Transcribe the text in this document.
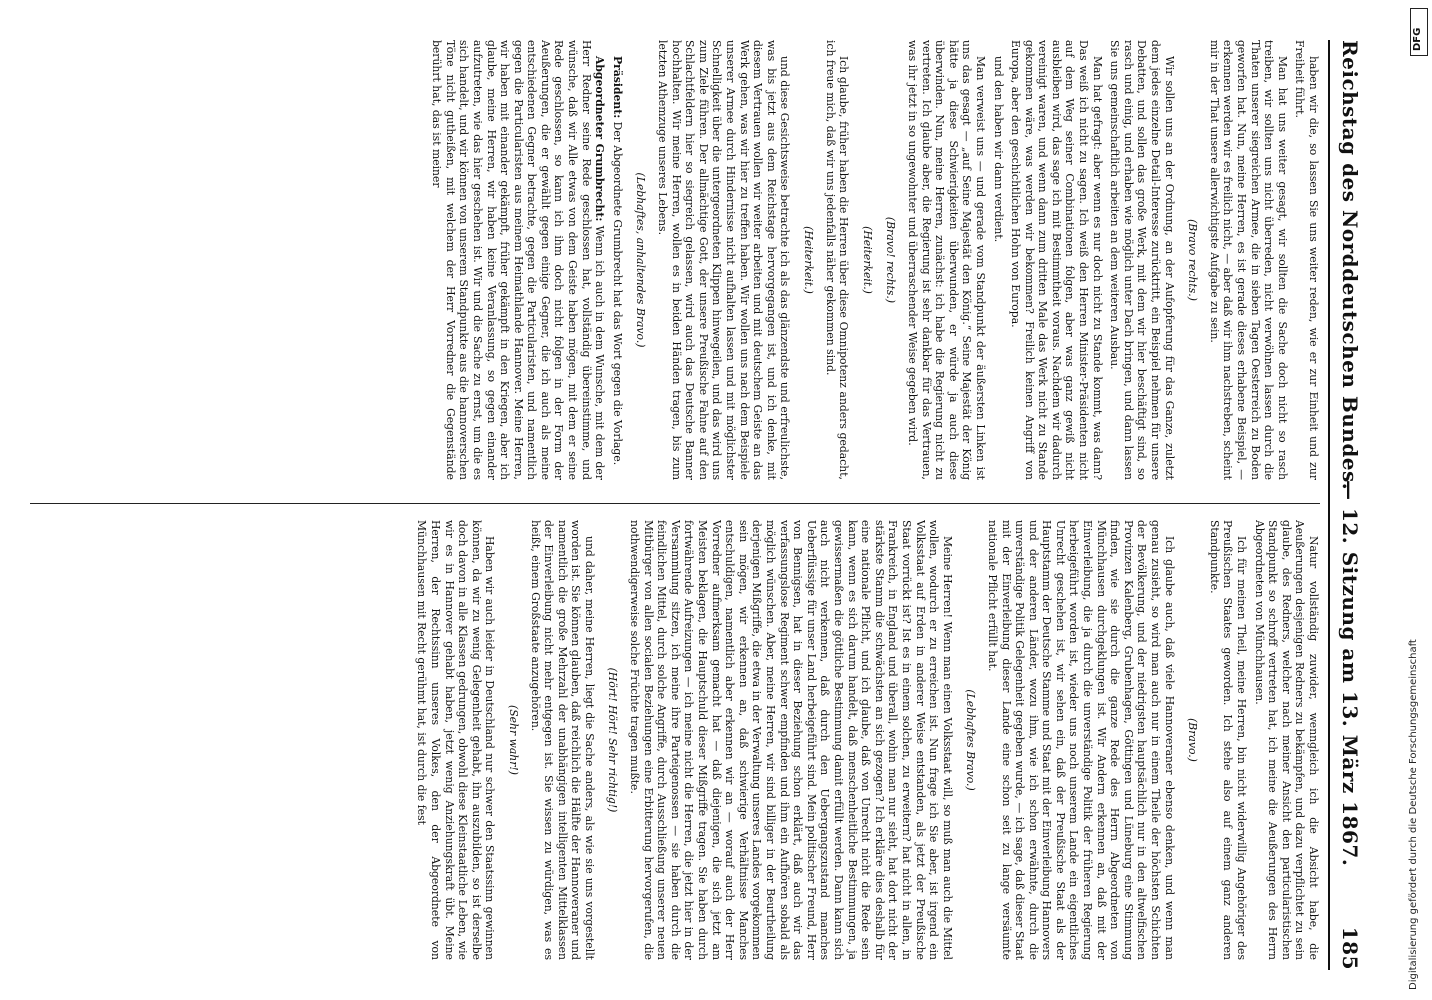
Reichstag des Norddeutschen Bundes.
— 12. Sitzung am 13. März 1867.
185

haben wir die, so lassen Sie uns weiter reden, wie er zur Einheit und zur Freiheit führt.

Man hat uns weiter gesagt, wir sollten die Sache doch nicht so rasch treiben, wir sollten uns nicht überreden, nicht verwöhnen lassen durch die Thaten unserer siegreichen Armee, die in sieben Tagen Oesterreich zu Boden geworfen hat. Nun, meine Herren, es ist gerade dieses erhabene Beispiel, — erkennen werden wir es freilich nicht, — aber daß wir ihm nachstreben, scheint mir in der That unsere allerwichtigste Aufgabe zu sein.

(Bravo rechts.)

Wir sollen uns an der Ordnung, an der Aufopferung für das Ganze, zuletzt dem jedes einzelne Detail-Interesse zurücktritt, ein Beispiel nehmen für unsere Debatten, und sollen das große Werk, mit dem wir hier beschäftigt sind, so rasch und einig, und erhaben wie möglich unter Dach bringen, und dann lassen Sie uns gemeinschaftlich arbeiten an dem weiteren Ausbau.

Man hat gefragt: aber wenn es nur doch nicht zu Stande kommt, was dann? Das weiß ich nicht zu sagen. Ich weiß den Herren Minister-Präsidenten nicht auf dem Weg seiner Combinationen folgen, aber was ganz gewiß nicht ausbleiben wird, das sage ich mit Bestimmtheit voraus. Nachdem wir dadurch vereinigt waren, und wenn dann zum dritten Male das Werk nicht zu Stande gekommen wäre, was werden wir bekommen? Freilich keinen Angriff von Europa, aber den geschichtlichen Hohn von Europa.

und den haben wir dann verdient.

Man verweist uns — und gerade vom Standpunkt der äußersten Linken ist uns das gesagt — „auf Seine Majestät den König.“ Seine Majestät der König hätte ja diese Schwierigkeiten überwunden, er würde ja auch diese überwinden. Nun, meine Herren, zunächst: ich habe die Regierung nicht zu vertreten. Ich glaube aber, die Regierung ist sehr dankbar für das Vertrauen, was ihr jetzt in so ungewohnter und überraschender Weise gegeben wird.

(Bravo! rechts.)

(Heiterkeit.)

Ich glaube, früher haben die Herren über diese Omnipotenz anders gedacht, ich freue mich, daß wir uns jedenfalls näher gekommen sind.

(Heiterkeit.)

und diese Gesichtsweise betrachte ich als das glänzendste und erfreulichste, was bis jetzt aus dem Reichstage hervorgegangen ist, und ich denke, mit diesem Vertrauen wollen wir weiter arbeiten und mit deutschem Geiste an das Werk gehen, was wir hier zu treffen haben. Wir wollen uns nach dem Beispiele unserer Armee durch Hindernisse nicht aufhalten lassen und mit möglichster Schnelligkeit über die untergeordneten Klippen hinwegeilen, und das wird uns zum Ziele führen. Der allmächtige Gott, der unsere Preußische Fahne auf den Schlachtfeldern hier so siegreich gelassen, wird auch das Deutsche Banner hochhalten. Wir meine Herren, wollen es in beiden Händen tragen, bis zum letzten Athemzuge unseres Lebens.

(Lebhaftes, anhaltendes Bravo.)

Präsident: Der Abgeordnete Grumbrecht hat das Wort gegen die Vorlage.

Abgeordneter Grumbrecht: Wenn ich auch in dem Wunsche, mit dem der Herr Redner seine Rede geschlossen hat, vollständig übereinstimme, und wünsche, daß wir Alle etwas von dem Geiste haben mögen, mit dem er seine Rede geschlossen, so kann ich ihm doch nicht folgen in der Form der Aeußerungen, die er gewählt gegen einige Gegner, die ich auch als meine entschiedenen Gegner betrachte, gegen die Particularisten, und namentlich gegen die Particularisten aus meinem Heimathlande Hannover. Meine Herren, wir haben mit einander gekämpft, früher gekämpft in den Kriegen, aber ich glaube, meine Herren, wir haben keine Veranlassung, so gegen einander aufzutreten, wie das hier geschehen ist. Wir und die Sache zu ernst, um die es sich handelt, und wir können von unserem Standpunkte aus die hannoverschen Töne nicht gutheißen, mit welchem der Herr Vorredner die Gegenstände berührt hat, das ist meiner

Natur vollständig zuwider, wenngleich ich die Absicht habe, die Aeußerungen desjenigen Redners zu bekämpfen, und dazu verpflichtet zu sein glaube, des Redners, welcher nach meiner Ansicht den particularistischen Standpunkt so schroff vertreten hat, ich meine die Aeußerungen des Herrn Abgeordneten von Münchhausen.

Ich für meinen Theil, meine Herren, bin nicht widerwillig Angehöriger des Preußischen Staates geworden. Ich stehe also auf einem ganz anderen Standpunkte.

(Bravo.)

Ich glaube auch, daß viele Hannoveraner ebenso denken, und wenn man genau zusieht, so wird man auch nur in einem Theile der höchsten Schichten der Bevölkerung, und der niedrigsten hauptsächlich nur in den altwelfischen Provinzen Kalenberg, Grubenhagen, Göttingen und Lüneburg eine Stimmung finden, wie sie durch die ganze Rede des Herrn Abgeordneten von Münchhausen durchgeklungen ist. Wir Andern erkennen an, daß mit der Einverleibung, die ja durch die unverständige Politik der früheren Regierung herbeigeführt worden ist, wieder uns noch unserem Lande ein eigentliches Unrecht geschehen ist, wir sehen ein, daß der Preußische Staat als der Hauptstamm der Deutsche Stamme und Staat mit der Einverleibung Hannovers und der anderen Länder, wozu ihm, wie ich schon erwähnte, durch die unverständige Politik Gelegenheit gegeben wurde, — ich sage, daß dieser Staat mit der Einverleibung dieser Lande eine schon seit zu lange versäumte nationale Pflicht erfüllt hat.

(Lebhaftes Bravo.)

Meine Herren! Wenn man einen Volksstaat will, so muß man auch die Mittel wollen, wodurch er zu erreichen ist. Nun frage ich Sie aber, ist irgend ein Volksstaat auf Erden in anderer Weise entstanden, als jetzt der Preußische Staat vorrückt ist? Ist es in einem solchen, zu erweitern? hat nicht in allen, in Frankreich, in England und überall, wohin man nur sieht, hat dort nicht der stärkste Stamm die schwächsten an sich gezogen? Ich erkläre dies deshalb für eine nationale Pflicht, und ich glaube, daß von Unrecht nicht die Rede sein kann, wenn es sich darum handelt, daß menschenheitliche Bestimmungen, ja gewissermaßen die göttliche Bestimmung damit erfüllt werden. Dann kann sich auch nicht verkennen, daß durch den Uebergangszustand manches Ueberflüssige für unser Land herbeigeführt sind. Mein politischer Freund, Herr von Bennigsen, hat in dieser Beziehung schon erklärt, daß auch wir das verfassungslose Regiment schwer empfinden und ihm ein Aufhören sobald als möglich wünschen. Aber, meine Herren, wir sind billiger in der Beurtheilung derjenigen Mißgriffe, die etwa in der Verwaltung unseres Landes vorgekommen sein mögen, wir erkennen an, daß schwierige Verhältnisse Manches entschuldigen, namentlich aber erkennen wir an — worauf auch der Herr Vorredner aufmerksam gemacht hat — daß diejenigen, die sich jetzt am Meisten beklagen, die Hauptschuld dieser Mißgriffe tragen. Sie haben durch fortwährende Aufreizungen — ich meine nicht die Herren, die jetzt hier in der Versammlung sitzen, ich meine ihre Parteigenossen — sie haben durch die feindlichen Mittel, durch solche Angriffe, durch Ausschließung unserer neuen Mitbürger von allen socialen Beziehungen eine Erbitterung hervorgerufen, die nothwendigerweise solche Früchte tragen mußte.

(Hört! Hört! Sehr richtig!)

und daher, meine Herren, liegt die Sache anders, als wie sie uns vorgestellt worden ist. Sie können glauben, daß reichlich die Hälfte der Hannoveraner und namentlich die große Mehrzahl der unabhängigen intelligenten Mittelklassen der Einverleibung nicht mehr entgegen ist. Sie wissen zu würdigen, was es heißt, einem Großstaate anzugehören.

(Sehr wahr!)

Haben wir auch leider in Deutschland nur schwer den Staatssinn gewinnen können, da wir zu wenig Gelegenheit gehabt, ihn auszubilden, so ist derselbe doch davon in alle Klassen gedrungen, obwohl diese Kleinstaatliche Leben, wie wir es in Hannover gehabt haben, jetzt wenig Anziehungskraft übt. Meine Herren, der Rechtssinn unseres Volkes, den der Abgeordnete von Münchhausen mit Recht gerühmt hat, ist durch die fest	Digitalisierung gefördert durch die Deutsche Forschungsgemeinschaft
DFG
